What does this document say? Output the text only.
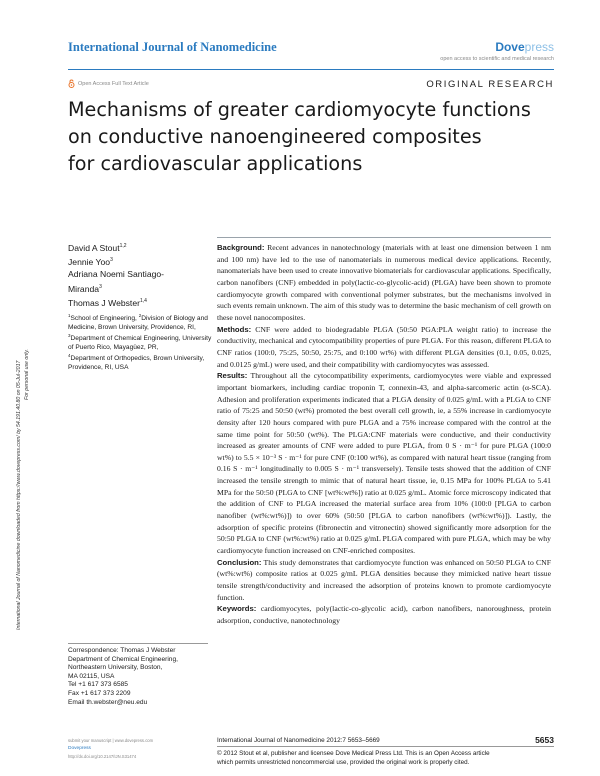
International Journal of Nanomedicine	Dovepress
open access to scientific and medical research
Open Access Full Text Article	ORIGINAL RESEARCH
Mechanisms of greater cardiomyocyte functions
on conductive nanoengineered composites
for cardiovascular applications
International Journal of Nanomedicine downloaded from https://www.dovepress.com/ by 54.191.40.80 on 05-Jul-2017 For personal use only.
David A Stout$^{1,2}$
Jennie Yoo$^3$
Adriana Noemi Santiago-
Miranda$^3$
Thomas J Webster$^{1,4}$
$^1$School of Engineering, $^2$Division of Biology and Medicine, Brown University, Providence, RI, $^3$Department of Chemical Engineering, University of Puerto Rico, Mayagüez, PR,
$^4$Department of Orthopedics, Brown University, Providence, RI, USA

Background: Recent advances in nanotechnology (materials with at least one dimension between 1 nm and 100 nm) have led to the use of nanomaterials in numerous medical device applications. Recently, nanomaterials have been used to create innovative biomaterials for cardiovascular applications. Specifically, carbon nanofibers (CNF) embedded in poly(lactic-co-glycolic-acid) (PLGA) have been shown to promote cardiomyocyte growth compared with conventional polymer substrates, but the mechanisms involved in such events remain unknown. The aim of this study was to determine the basic mechanism of cell growth on these novel nanocomposites.

Methods: CNF were added to biodegradable PLGA (50:50 PGA:PLA weight ratio) to increase the conductivity, mechanical and cytocompatibility properties of pure PLGA. For this reason, different PLGA to CNF ratios (100:0, 75:25, 50:50, 25:75, and 0:100 wt%) with different PLGA densities (0.1, 0.05, 0.025, and 0.0125 g/mL) were used, and their compatibility with cardiomyocytes was assessed.

Results: Throughout all the cytocompatibility experiments, cardiomyocytes were viable and expressed important biomarkers, including cardiac troponin T, connexin-43, and alpha-sarcomeric actin (α-SCA). Adhesion and proliferation experiments indicated that a PLGA density of 0.025 g/mL with a PLGA to CNF ratio of 75:25 and 50:50 (wt%) promoted the best overall cell growth, ie, a 55% increase in cardiomyocyte density after 120 hours compared with pure PLGA and a 75% increase compared with the control at the same time point for 50:50 (wt%). The PLGA:CNF materials were conductive, and their conductivity increased as greater amounts of CNF were added to pure PLGA, from 0 S · m⁻¹ for pure PLGA (100:0 wt%) to 5.5 × 10⁻³ S · m⁻¹ for pure CNF (0:100 wt%), as compared with natural heart tissue (ranging from 0.16 S · m⁻¹ longitudinally to 0.005 S · m⁻¹ transversely). Tensile tests showed that the addition of CNF increased the tensile strength to mimic that of natural heart tissue, ie, 0.15 MPa for 100% PLGA to 5.41 MPa for the 50:50 (PLGA to CNF [wt%:wt%]) ratio at 0.025 g/mL. Atomic force microscopy indicated that the addition of CNF to PLGA increased the material surface area from 10% (100:0 [PLGA to carbon nanofiber (wt%:wt%)]) to over 60% (50:50 [PLGA to carbon nanofibers (wt%:wt%)]). Lastly, the adsorption of specific proteins (fibronectin and vitronectin) showed significantly more adsorption for the 50:50 PLGA to CNF (wt%:wt%) ratio at 0.025 g/mL PLGA compared with pure PLGA, which may be why cardiomyocyte function increased on CNF-enriched composites.

Conclusion: This study demonstrates that cardiomyocyte function was enhanced on 50:50 PLGA to CNF (wt%:wt%) composite ratios at 0.025 g/mL PLGA densities because they mimicked native heart tissue tensile strength/conductivity and increased the adsorption of proteins known to promote cardiomyocyte function.

Keywords: cardiomyocytes, poly(lactic-co-glycolic acid), carbon nanofibers, nanoroughness, protein adsorption, conductive, nanotechnology

Correspondence: Thomas J Webster
Department of Chemical Engineering,
Northeastern University, Boston,
MA 02115, USA
Tel +1 617 373 6585
Fax +1 617 373 2209
Email th.webster@neu.edu
submit your manuscript | www.dovepress.com
Dovepress
http://dx.doi.org/10.2147/IJN.S31474
International Journal of Nanomedicine 2012:7 5653–5669	5653
© 2012 Stout et al, publisher and licensee Dove Medical Press Ltd. This is an Open Access article
which permits unrestricted noncommercial use, provided the original work is properly cited.
